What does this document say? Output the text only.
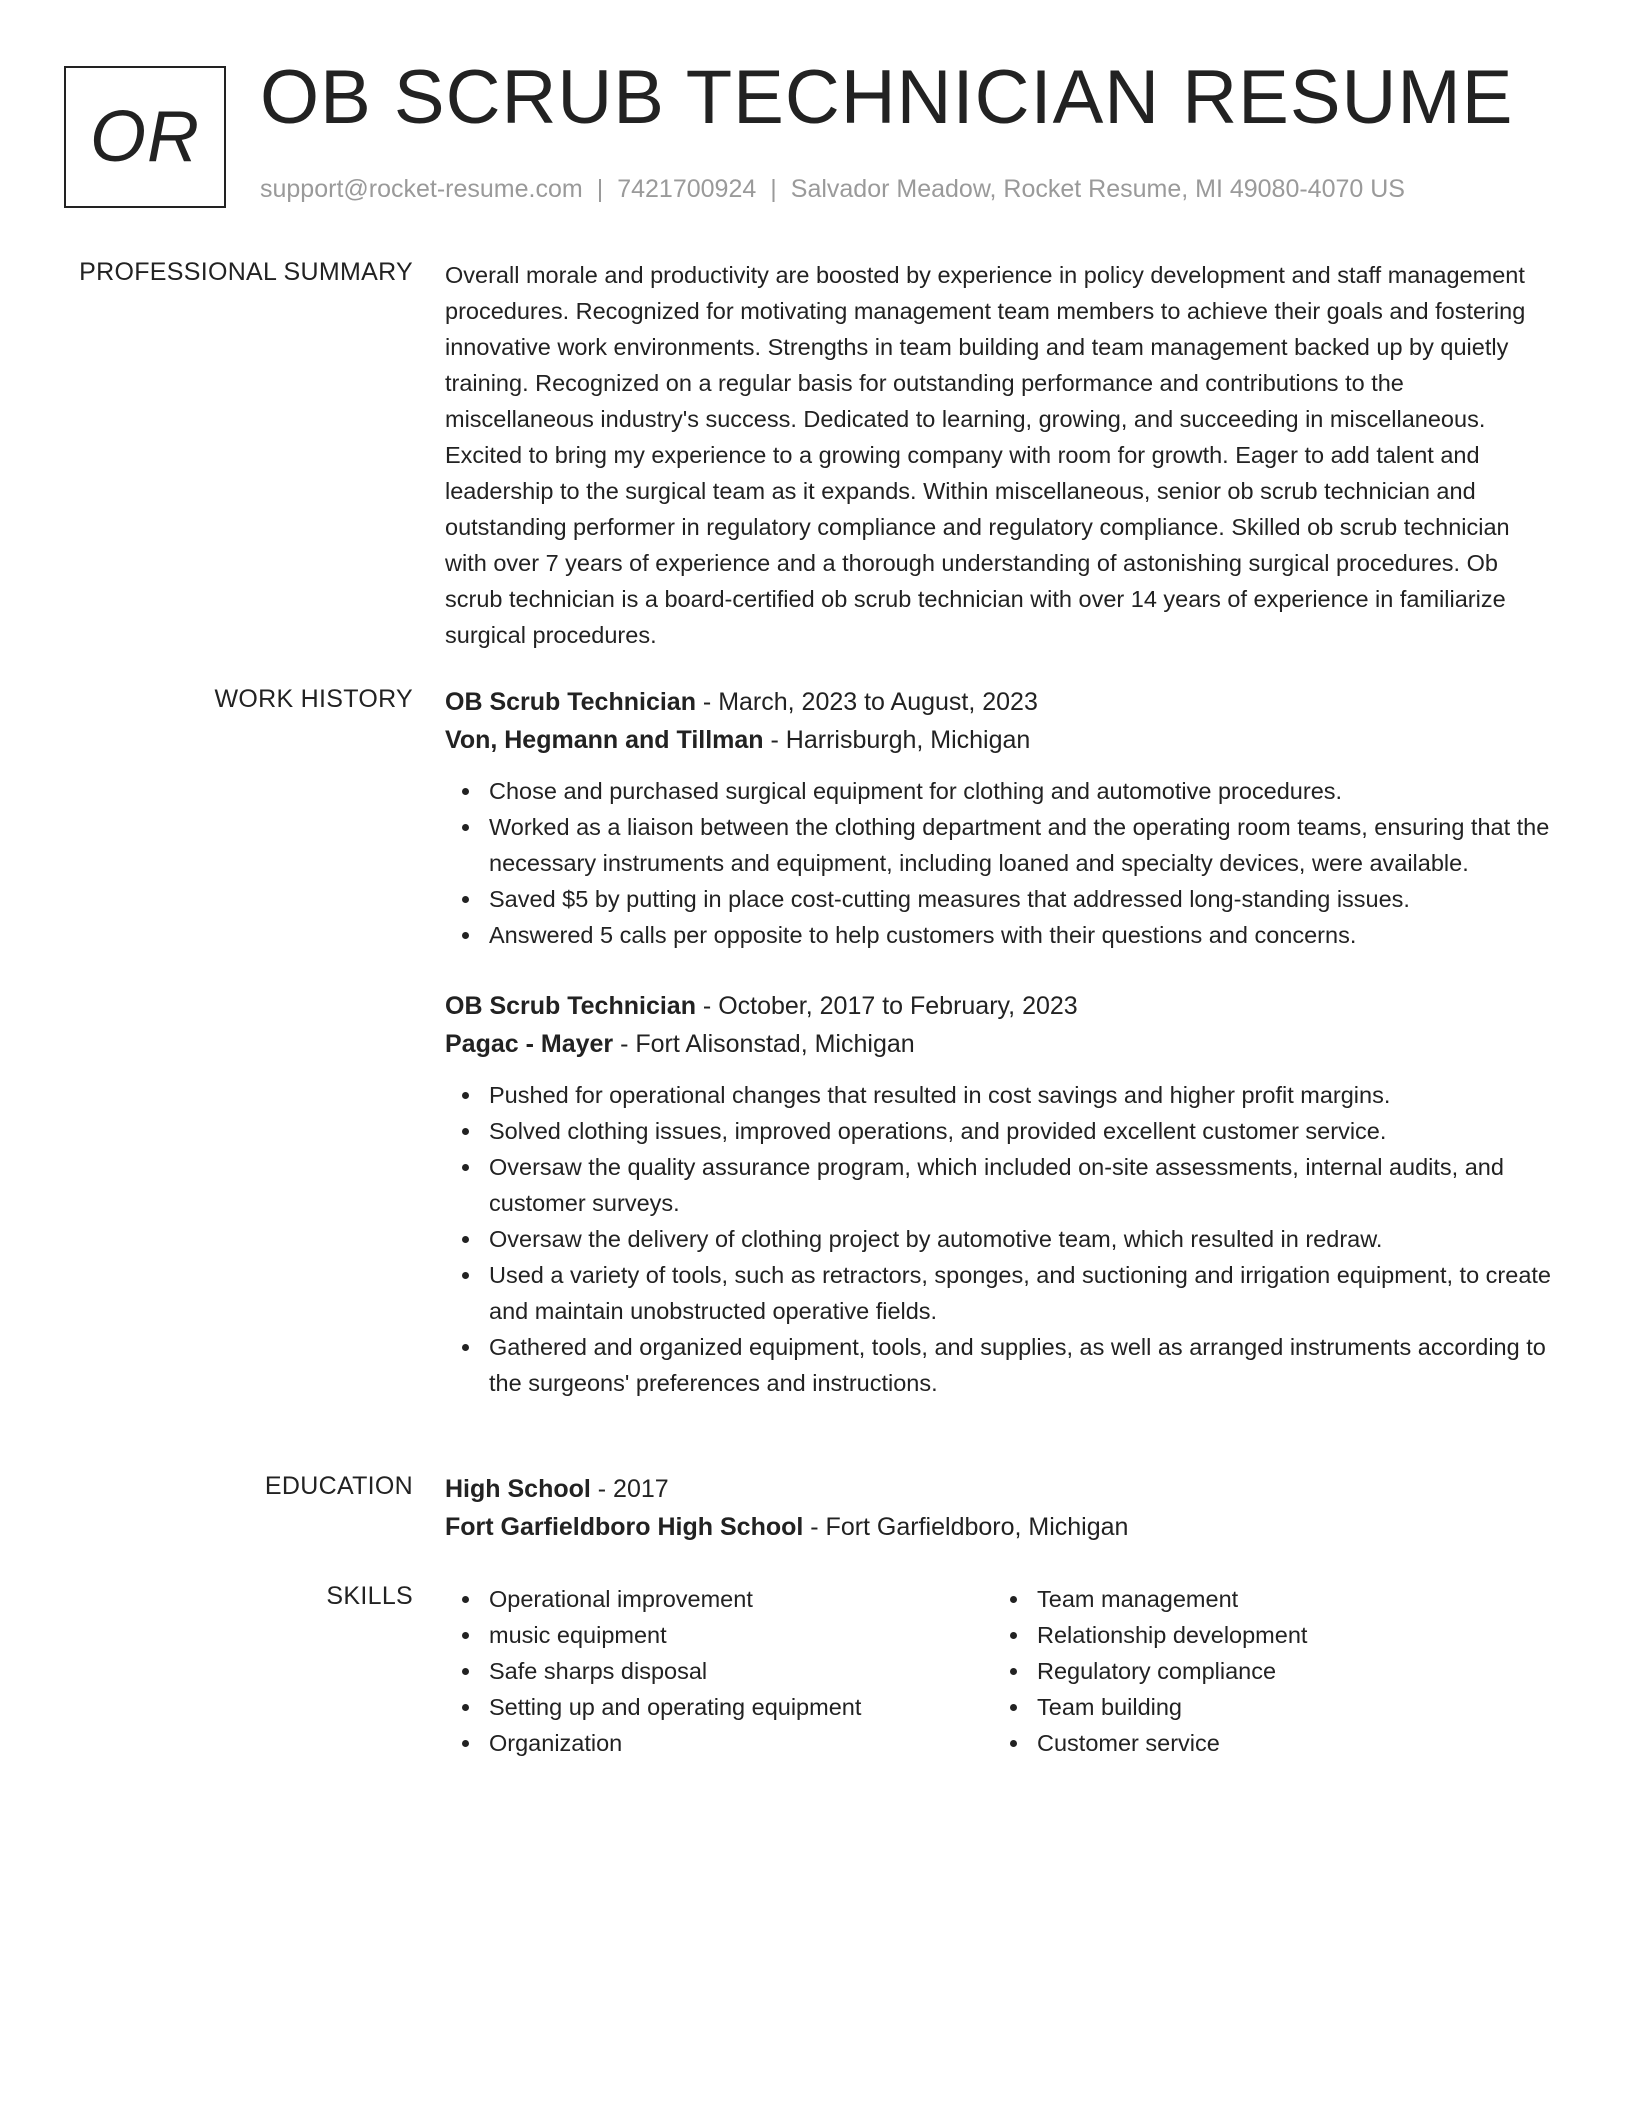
OR OB SCRUB TECHNICIAN RESUME
support@rocket-resume.com | 7421700924 | Salvador Meadow, Rocket Resume, MI 49080-4070 US
PROFESSIONAL SUMMARY Overall morale and productivity are boosted by experience in policy development and staff management procedures. Recognized for motivating management team members to achieve their goals and fostering innovative work environments. Strengths in team building and team management backed up by quietly training. Recognized on a regular basis for outstanding performance and contributions to the miscellaneous industry's success. Dedicated to learning, growing, and succeeding in miscellaneous. Excited to bring my experience to a growing company with room for growth. Eager to add talent and leadership to the surgical team as it expands. Within miscellaneous, senior ob scrub technician and outstanding performer in regulatory compliance and regulatory compliance. Skilled ob scrub technician with over 7 years of experience and a thorough understanding of astonishing surgical procedures. Ob scrub technician is a board-certified ob scrub technician with over 14 years of experience in familiarize surgical procedures.

WORK HISTORY OB Scrub Technician - March, 2023 to August, 2023
Von, Hegmann and Tillman - Harrisburgh, Michigan
Chose and purchased surgical equipment for clothing and automotive procedures.
Worked as a liaison between the clothing department and the operating room teams, ensuring that the necessary instruments and equipment, including loaned and specialty devices, were available.
Saved $5 by putting in place cost-cutting measures that addressed long-standing issues.
Answered 5 calls per opposite to help customers with their questions and concerns.
OB Scrub Technician - October, 2017 to February, 2023
Pagac - Mayer - Fort Alisonstad, Michigan
Pushed for operational changes that resulted in cost savings and higher profit margins.
Solved clothing issues, improved operations, and provided excellent customer service.
Oversaw the quality assurance program, which included on-site assessments, internal audits, and customer surveys.
Oversaw the delivery of clothing project by automotive team, which resulted in redraw.
Used a variety of tools, such as retractors, sponges, and suctioning and irrigation equipment, to create and maintain unobstructed operative fields.
Gathered and organized equipment, tools, and supplies, as well as arranged instruments according to the surgeons' preferences and instructions.
EDUCATION High School - 2017
Fort Garfieldboro High School - Fort Garfieldboro, Michigan
SKILLS	Operational improvement
music equipment
Safe sharps disposal
Setting up and operating equipment
Organization
Team management
Relationship development
Regulatory compliance
Team building
Customer service
